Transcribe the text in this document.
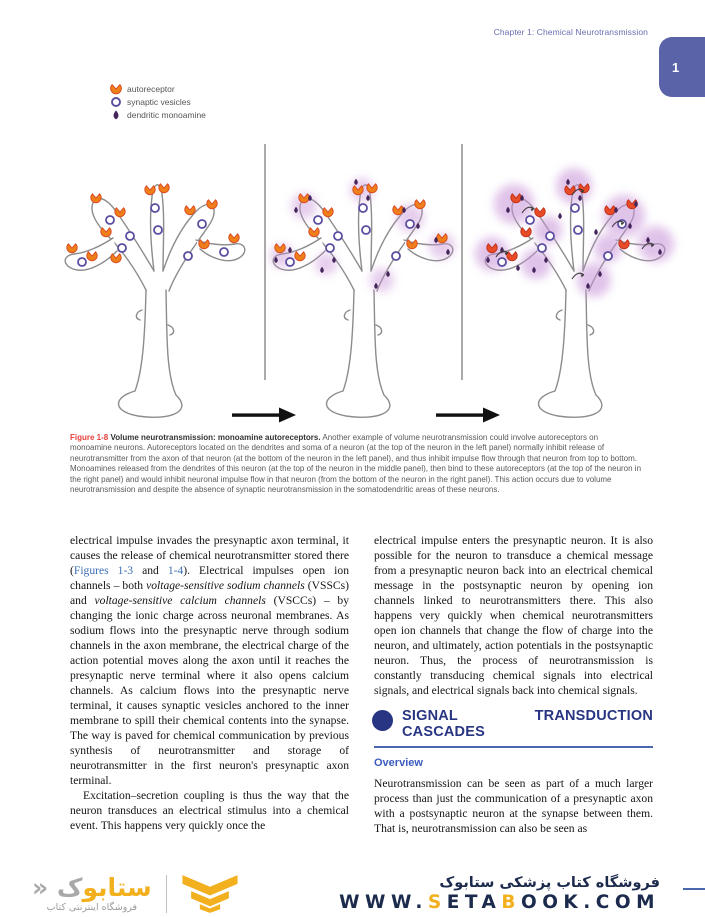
Chapter 1: Chemical Neurotransmission
1
autoreceptor
synaptic vesicles
dendritic monoamine
Figure 1-8 Volume neurotransmission: monoamine autoreceptors. Another example of volume neurotransmission could involve autoreceptors on monoamine neurons. Autoreceptors located on the dendrites and soma of a neuron (at the top of the neuron in the left panel) normally inhibit release of neurotransmitter from the axon of that neuron (at the bottom of the neuron in the left panel), and thus inhibit impulse flow through that neuron from top to bottom. Monoamines released from the dendrites of this neuron (at the top of the neuron in the middle panel), then bind to these autoreceptors (at the top of the neuron in the right panel) and would inhibit neuronal impulse flow in that neuron (from the bottom of the neuron in the right panel). This action occurs due to volume neurotransmission and despite the absence of synaptic neurotransmission in the somatodendritic areas of these neurons.

electrical impulse invades the presynaptic axon terminal, it causes the release of chemical neurotransmitter stored there (Figures 1-3 and 1-4). Electrical impulses open ion channels – both voltage-sensitive sodium channels (VSSCs) and voltage-sensitive calcium channels (VSCCs) – by changing the ionic charge across neuronal membranes. As sodium flows into the presynaptic nerve through sodium channels in the axon membrane, the electrical charge of the action potential moves along the axon until it reaches the presynaptic nerve terminal where it also opens calcium channels. As calcium flows into the presynaptic nerve terminal, it causes synaptic vesicles anchored to the inner membrane to spill their chemical contents into the synapse. The way is paved for chemical communication by previous synthesis of neurotransmitter and storage of neurotransmitter in the first neuron's presynaptic axon terminal.

Excitation–secretion coupling is thus the way that the neuron transduces an electrical stimulus into a chemical event. This happens very quickly once the

electrical impulse enters the presynaptic neuron. It is also possible for the neuron to transduce a chemical message from a presynaptic neuron back into an electrical chemical message in the postsynaptic neuron by opening ion channels linked to neurotransmitters there. This also happens very quickly when chemical neurotransmitters open ion channels that change the flow of charge into the neuron, and ultimately, action potentials in the postsynaptic neuron. Thus, the process of neurotransmission is constantly transducing chemical signals into electrical signals, and electrical signals back into chemical signals.

SIGNAL TRANSDUCTION CASCADES
Overview

Neurotransmission can be seen as part of a much larger process than just the communication of a presynaptic axon with a postsynaptic neuron at the synapse between them. That is, neurotransmission can also be seen as

ستابوک «
فروشگاه اینترنتی کتاب
فروشگاه کتاب پزشکی ستابوک
WWW.SETABOOK.COM
